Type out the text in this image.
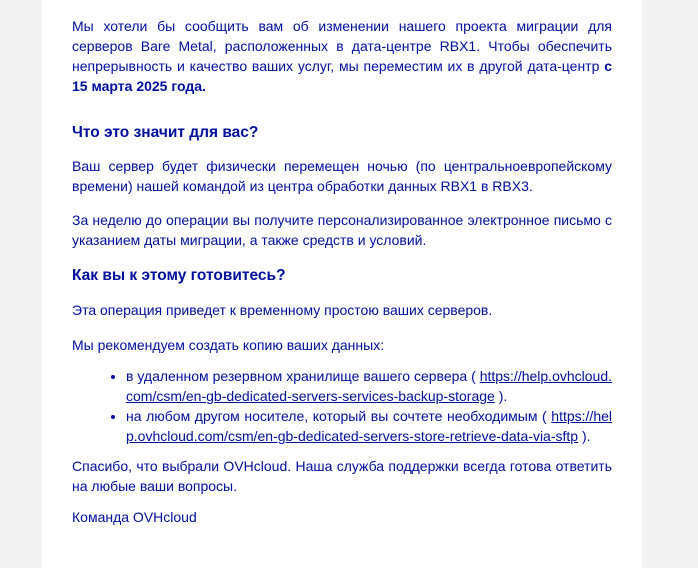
Мы хотели бы сообщить вам об изменении нашего проекта миграции для серверов Bare Metal, расположенных в дата-центре RBX1. Чтобы обеспечить непрерывность и качество ваших услуг, мы переместим их в другой дата-центр с 15 марта 2025 года.

Что это значит для вас?

Ваш сервер будет физически перемещен ночью (по центральноевропейскому времени) нашей командой из центра обработки данных RBX1 в RBX3.

За неделю до операции вы получите персонализированное электронное письмо с указанием даты миграции, а также средств и условий.

Как вы к этому готовитесь?

Эта операция приведет к временному простою ваших серверов.

Мы рекомендуем создать копию ваших данных:

• в удаленном резервном хранилище вашего сервера ( https://help.ovhcloud.com/csm/en-gb-dedicated-servers-services-backup-storage ).
• на любом другом носителе, который вы сочтете необходимым ( https://help.ovhcloud.com/csm/en-gb-dedicated-servers-store-retrieve-data-via-sftp ).

Спасибо, что выбрали OVHcloud. Наша служба поддержки всегда готова ответить на любые ваши вопросы.

Команда OVHcloud
